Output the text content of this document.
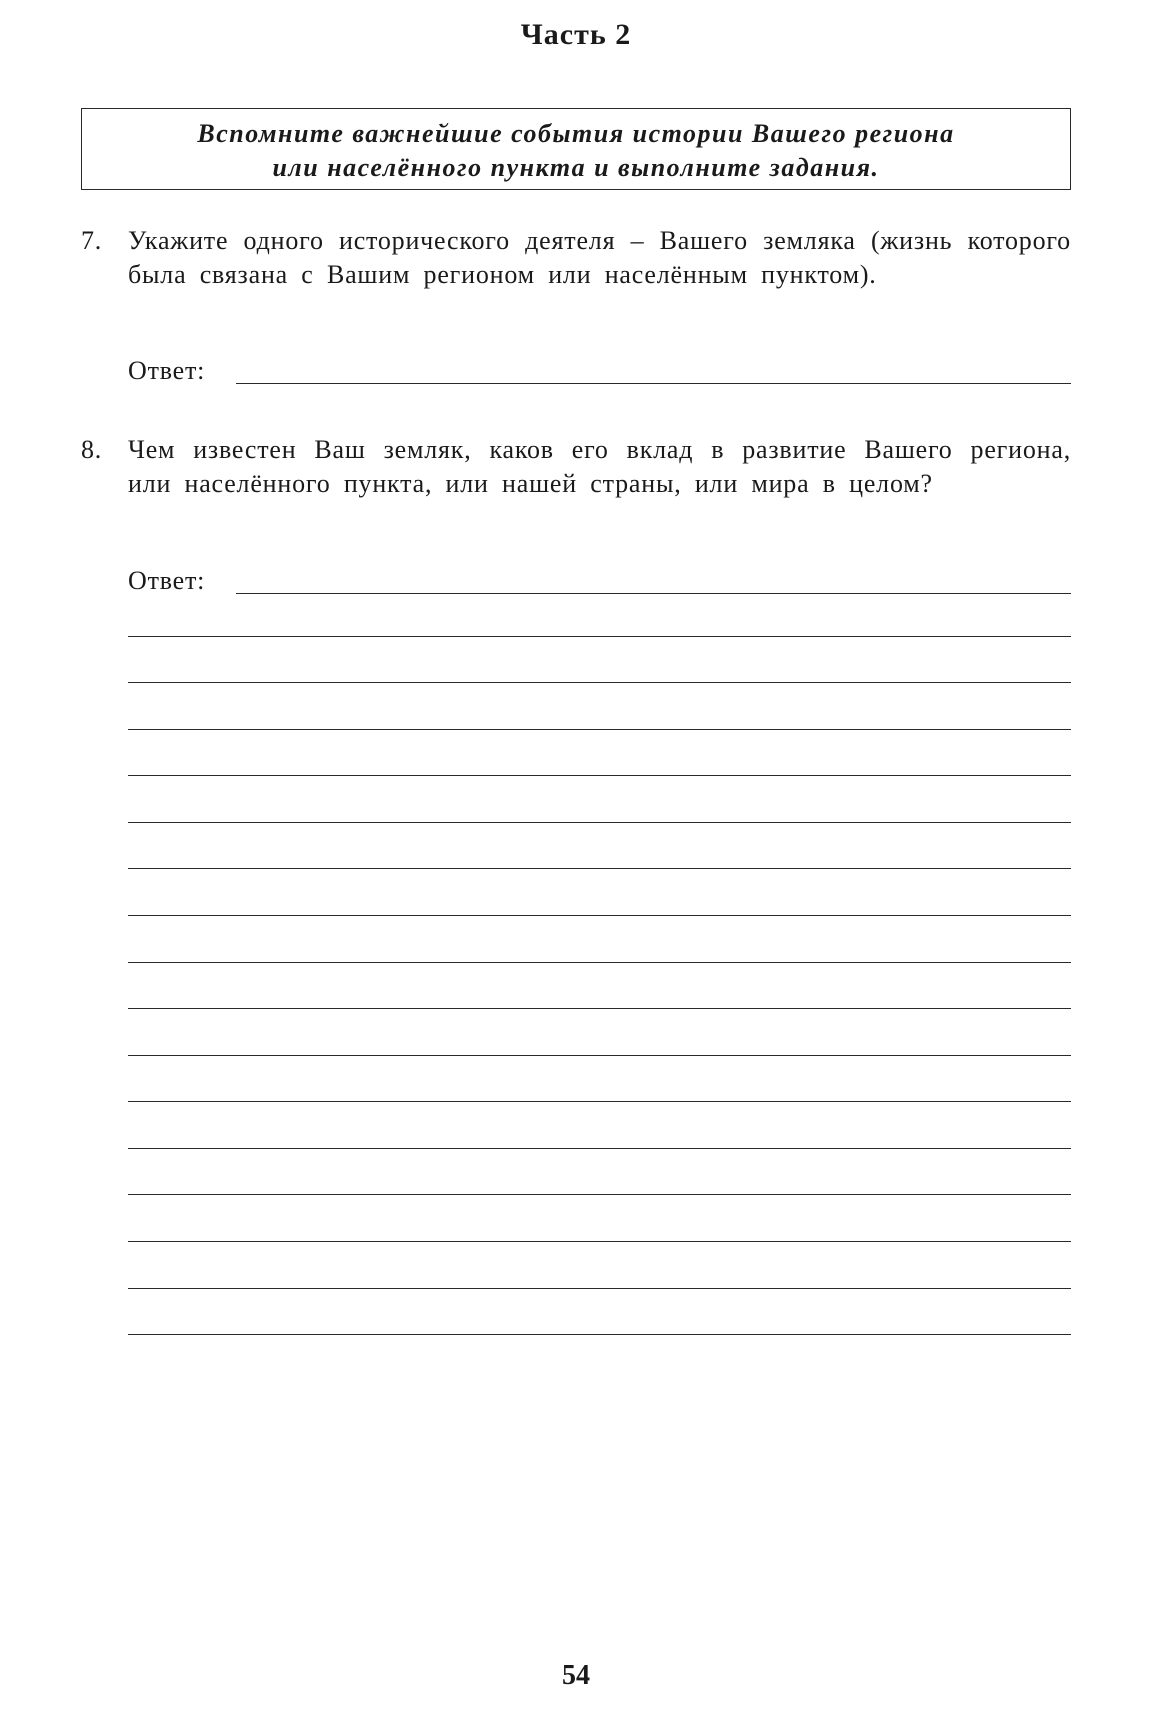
Часть 2
Вспомните важнейшие события истории Вашего региона
или населённого пункта и выполните задания.
7. Укажите одного исторического деятеля – Вашего земляка (жизнь которого была связана с Вашим регионом или населённым пунктом).
Ответ:
8. Чем известен Ваш земляк, каков его вклад в развитие Вашего региона, или населённого пункта, или нашей страны, или мира в целом?
Ответ:
54
